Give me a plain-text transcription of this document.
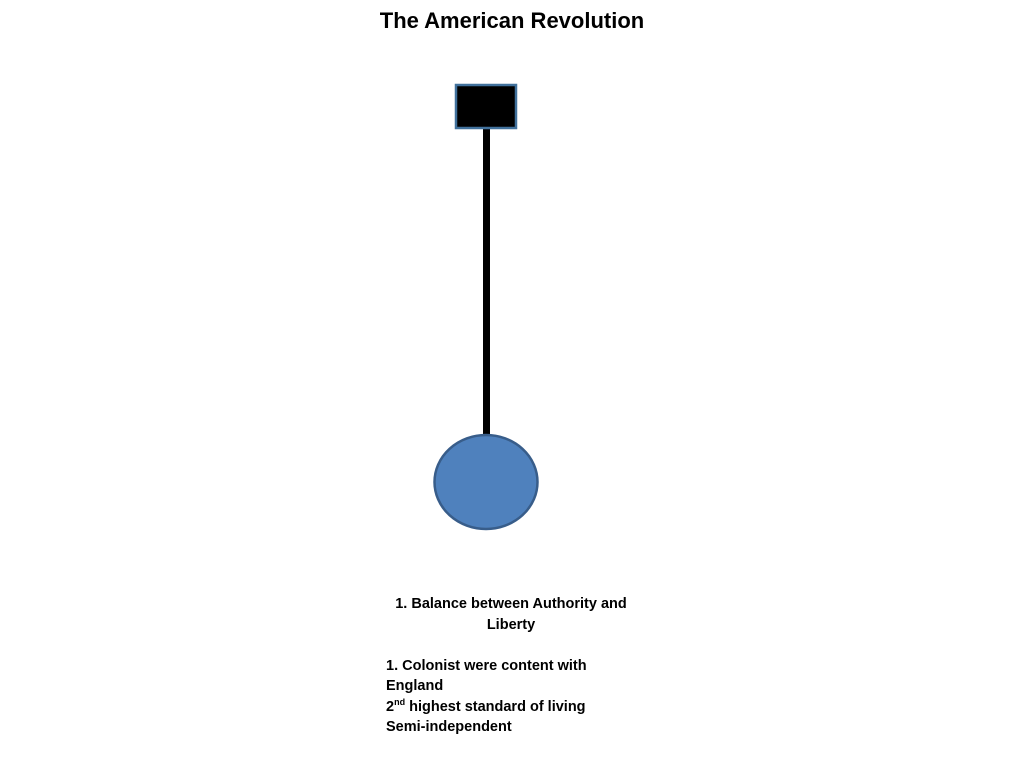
The American Revolution
1. Balance between Authority and Liberty
1. Colonist were content with England
2nd highest standard of living
Semi-independent
